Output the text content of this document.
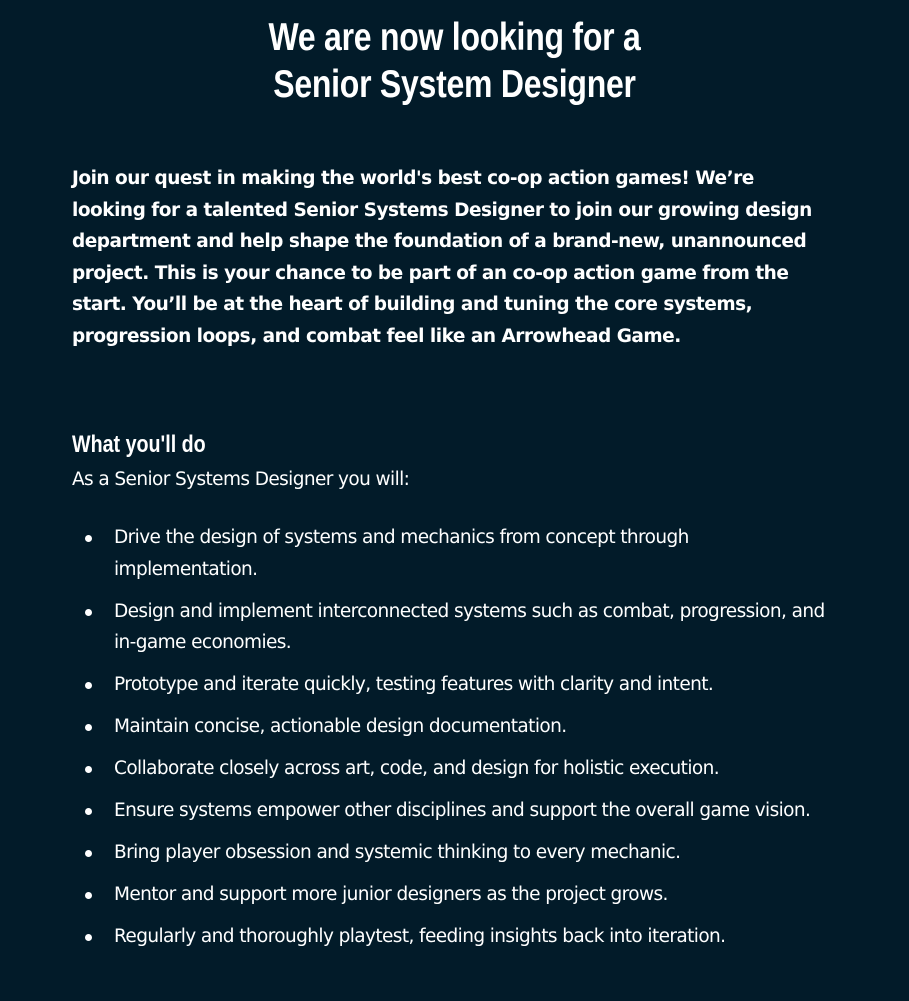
We are now looking for a
Senior System Designer

Join our quest in making the world's best co-op action games! We’re looking for a talented Senior Systems Designer to join our growing design department and help shape the foundation of a brand-new, unannounced project. This is your chance to be part of an co-op action game from the start. You’ll be at the heart of building and tuning the core systems, progression loops, and combat feel like an Arrowhead Game.

What you'll do
As a Senior Systems Designer you will:
Drive the design of systems and mechanics from concept through implementation.
Design and implement interconnected systems such as combat, progression, and in-game economies.
Prototype and iterate quickly, testing features with clarity and intent.
Maintain concise, actionable design documentation.
Collaborate closely across art, code, and design for holistic execution.
Ensure systems empower other disciplines and support the overall game vision.
Bring player obsession and systemic thinking to every mechanic.
Mentor and support more junior designers as the project grows.
Regularly and thoroughly playtest, feeding insights back into iteration.
